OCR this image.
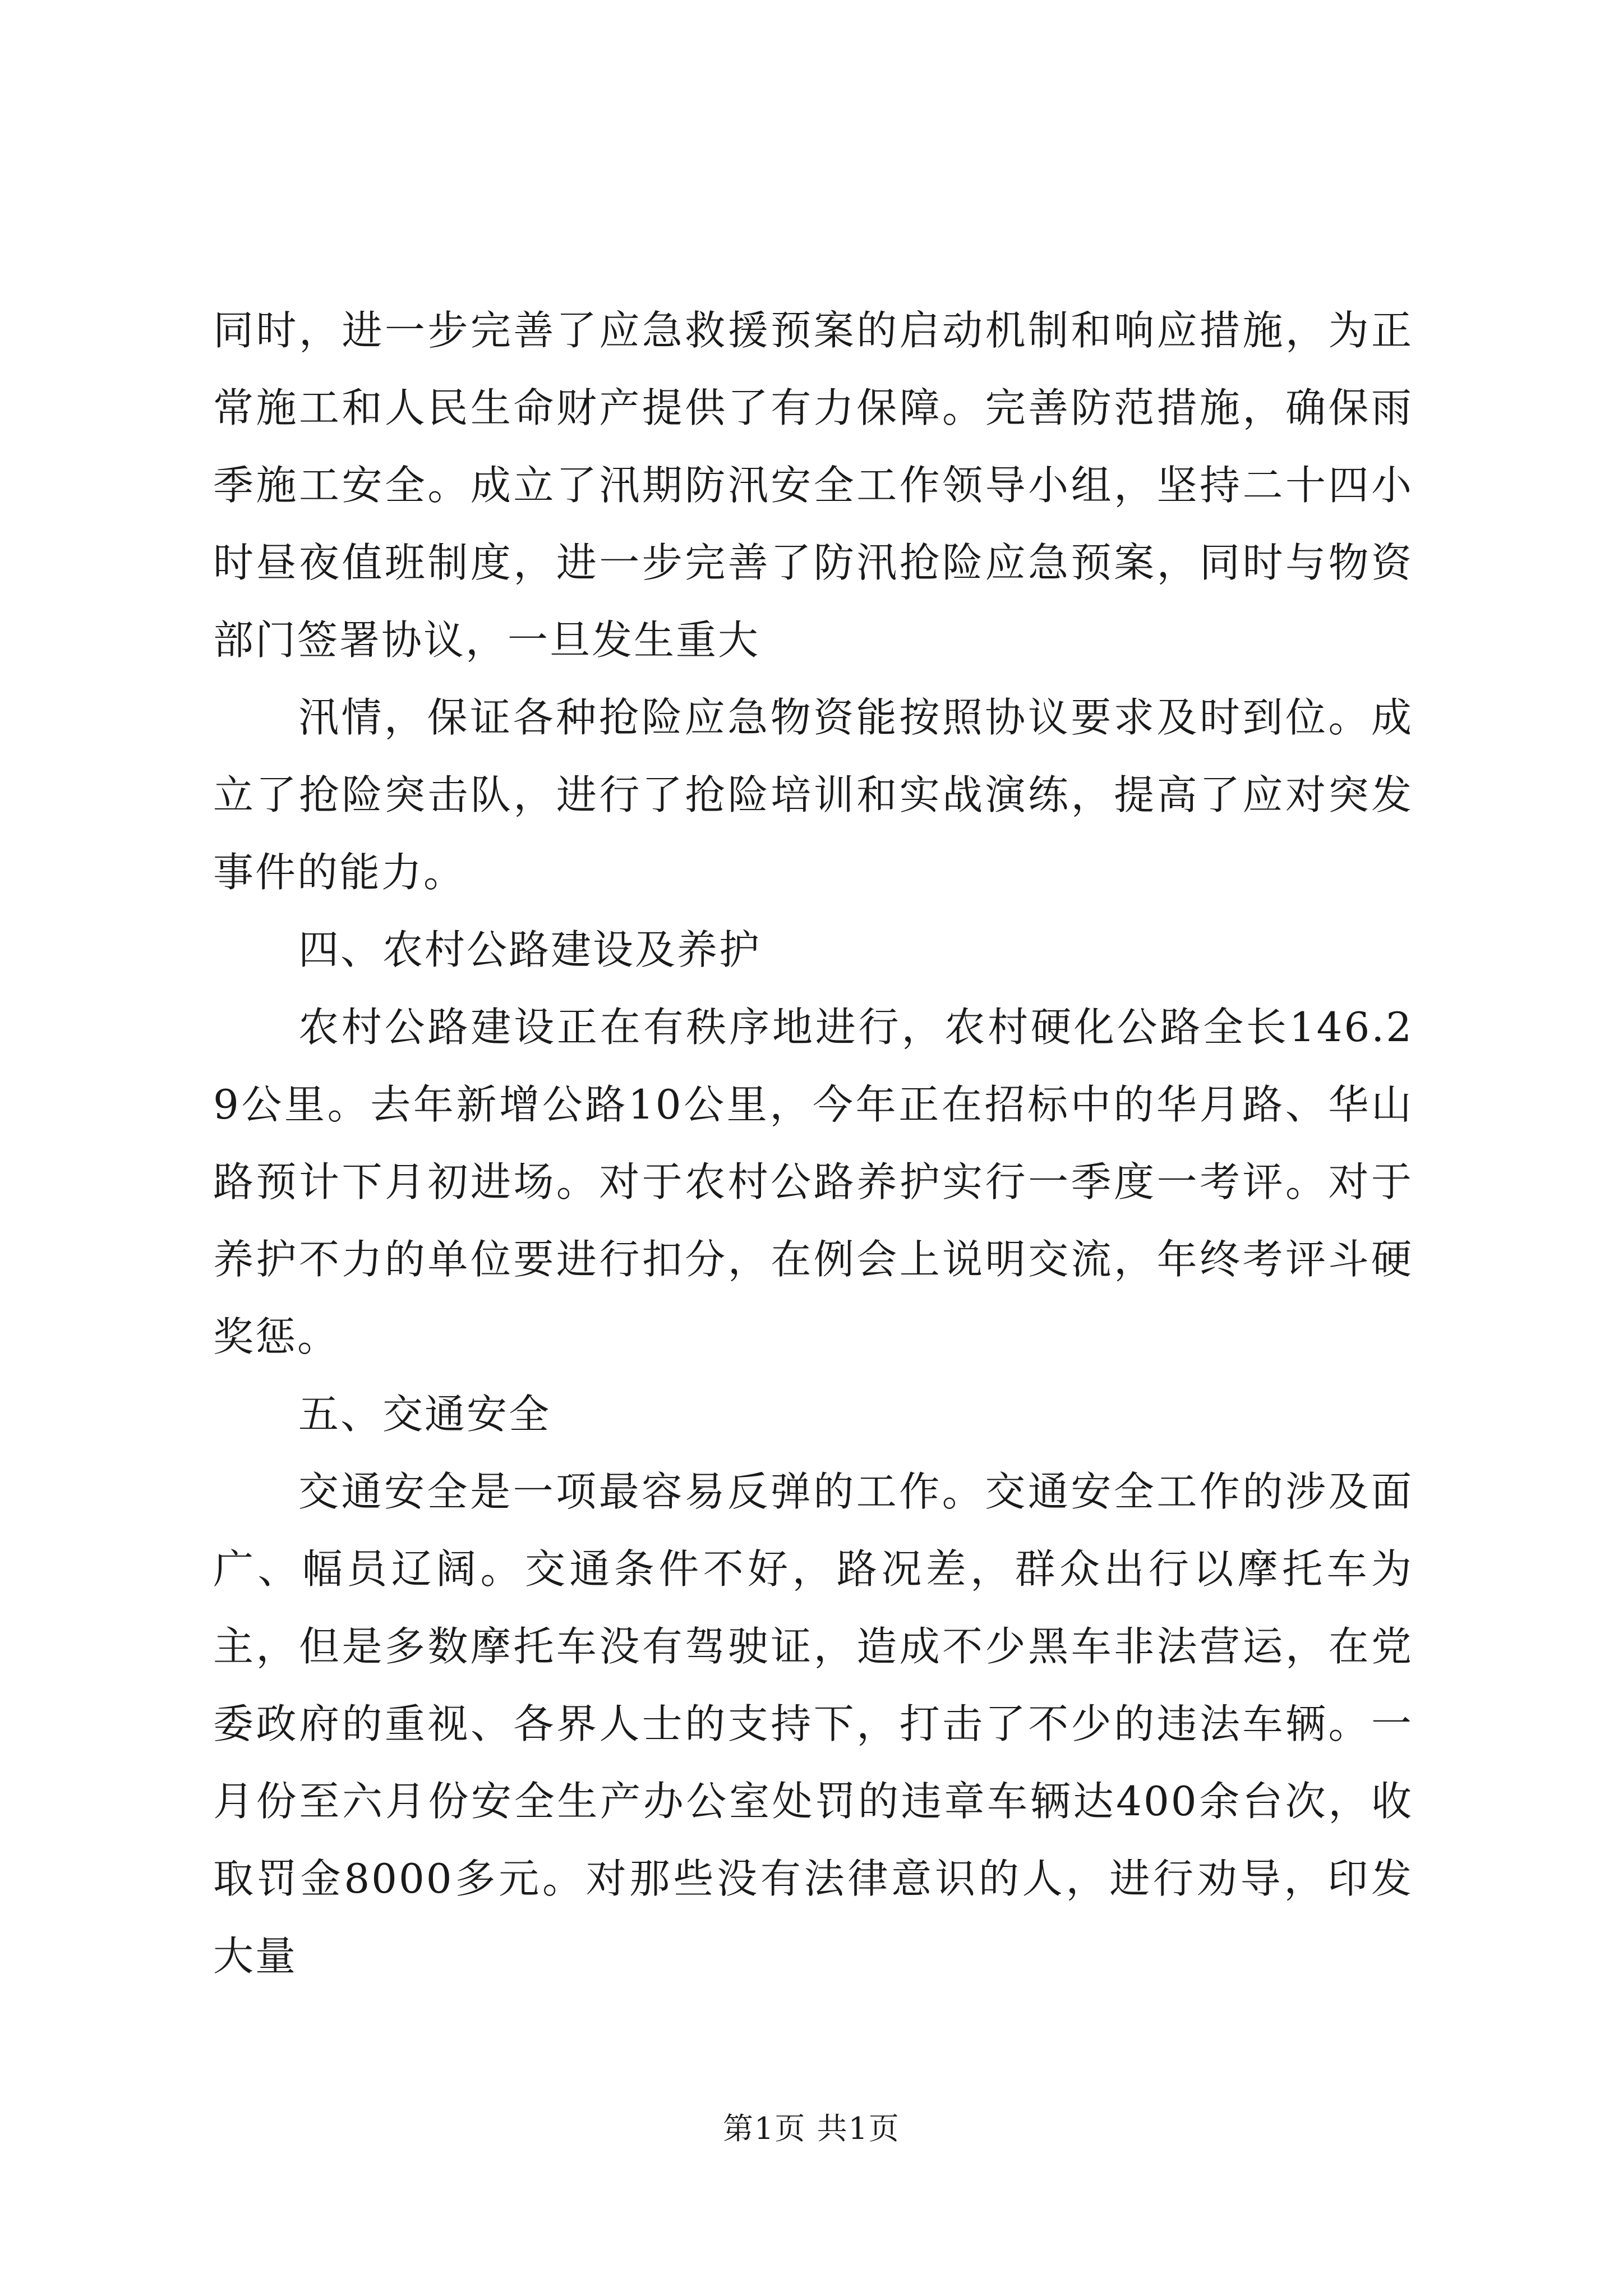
同时，进一步完善了应急救援预案的启动机制和响应措施，为正常施工和人民生命财产提供了有力保障。完善防范措施，确保雨季施工安全。成立了汛期防汛安全工作领导小组，坚持二十四小时昼夜值班制度，进一步完善了防汛抢险应急预案，同时与物资部门签署协议，一旦发生重大

汛情，保证各种抢险应急物资能按照协议要求及时到位。成立了抢险突击队，进行了抢险培训和实战演练，提高了应对突发事件的能力。

四、农村公路建设及养护

农村公路建设正在有秩序地进行，农村硬化公路全长146.29公里。去年新增公路10公里，今年正在招标中的华月路、华山路预计下月初进场。对于农村公路养护实行一季度一考评。对于养护不力的单位要进行扣分，在例会上说明交流，年终考评斗硬奖惩。

五、交通安全

交通安全是一项最容易反弹的工作。交通安全工作的涉及面广、幅员辽阔。交通条件不好，路况差，群众出行以摩托车为主，但是多数摩托车没有驾驶证，造成不少黑车非法营运，在党委政府的重视、各界人士的支持下，打击了不少的违法车辆。一月份至六月份安全生产办公室处罚的违章车辆达400余台次，收取罚金8000多元。对那些没有法律意识的人，进行劝导，印发大量

第1页 共1页
